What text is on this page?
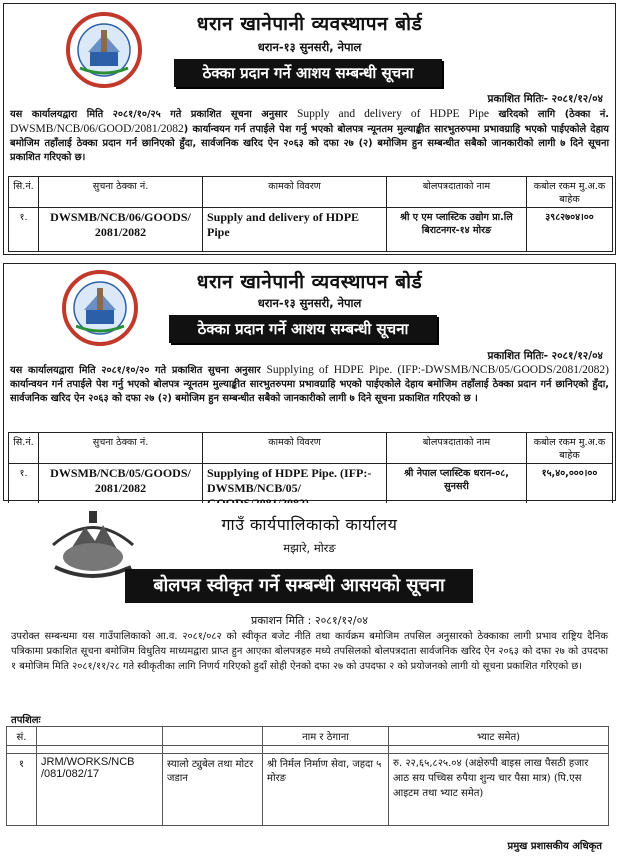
धरान खानेपानी व्यवस्थापन बोर्ड
धरान-१३ सुनसरी, नेपाल
ठेक्का प्रदान गर्ने आशय सम्बन्धी सूचना
प्रकाशित मितिः- २०८१/१२/०४
यस कार्यालयद्वारा मिति २०८१/१०/२५ गते प्रकाशित सूचना अनुसार Supply and delivery of HDPE Pipe खरिदको लागि (ठेक्का नं. DWSMB/NCB/06/GOOD/2081/2082) कार्यान्वयन गर्न तपाईले पेश गर्नु भएको बोलपत्र न्यूनतम मुल्याङ्कीत सारभुतरुपमा प्रभावग्राहि भएको पाईएकोले देहाय बमोजिम तहाँलाई ठेक्का प्रदान गर्न छानिएको हुँदा, सार्वजनिक खरिद ऐन २०६३ को दफा २७ (२) बमोजिम हुन सम्बन्धीत सबैको जानकारीको लागी ७ दिने सूचना प्रकाशित गरिएको छ।
सि.नं.	सुचना ठेक्का नं.	कामको विवरण	बोलपत्रदाताको नाम	कबोल रकम मु.अ.क बाहेक
१.	DWSMB/NCB/06/GOODS/ 2081/2082	Supply and delivery of HDPE Pipe	श्री ए एम प्लास्टिक उद्योग प्रा.लि बिराटनगर-१४ मोरङ	३९८२७०४।००
धरान खानेपानी व्यवस्थापन बोर्ड
धरान-१३ सुनसरी, नेपाल
ठेक्का प्रदान गर्ने आशय सम्बन्धी सूचना
प्रकाशित मितिः- २०८१/१२/०४
यस कार्यालयद्वारा मिति २०८१/१०/२० गते प्रकाशित सुचना अनुसार Supplying of HDPE Pipe. (IFP:-DWSMB/NCB/05/GOODS/2081/2082) कार्यान्वयन गर्न तपाईले पेश गर्नु भएको बोलपत्र न्यूनतम मुल्याङ्कीत सारभुतरुपमा प्रभावग्राहि भएको पाईएकोले देहाय बमोजिम तहाँलाई ठेक्का प्रदान गर्न छानिएको हुँदा, सार्वजनिक खरिद ऐन २०६३ को दफा २७ (२) बमोजिम हुन सम्बन्धीत सबैको जानकारीको लागी ७ दिने सूचना प्रकाशित गरिएको छ ।
सि.नं.	सुचना ठेक्का नं.	कामको विवरण	बोलपत्रदाताको नाम	कबोल रकम मु.अ.क बाहेक
१.	DWSMB/NCB/05/GOODS/ 2081/2082	Supplying of HDPE Pipe. (IFP:-DWSMB/NCB/05/	श्री नेपाल प्लास्टिक धरान-०८, सुनसरी	१५,४०,०००।००
गाउँ कार्यपालिकाको कार्यालय
मझारे, मोरङ
बोलपत्र स्वीकृत गर्ने सम्बन्धी आसयको सूचना
प्रकाशन मिति : २०८१/१२/०४
उपरोक्त सम्बन्धमा यस गाउँपालिकाको आ.व. २०८१/०८२ को स्वीकृत बजेट नीति तथा कार्यक्रम बमोजिम तपसिल अनुसारको ठेक्काका लागी प्रभाव राष्ट्रिय दैनिक पत्रिकामा प्रकाशित सूचना बमोजिम विधुतिय माध्यमद्वारा प्राप्त हुन आएका बोलपत्रहरु मध्ये तपसिलको बोलपत्रदाता सार्वजनिक खरिद ऐन २०६३ को दफा २७ को उपदफा १ बमोजिम मिति २०८१/११/२८ गते स्वीकृतीका लागि निणर्य गरिएको हुदाँ सोही ऐनको दफा २७ को उपदफा २ को प्रयोजनको लागी यो सूचना प्रकाशित गरिएको छ।
तपशिलः
सं.			नाम र ठेगाना	भ्याट समेत)

१	JRM/WORKS/NCB /081/082/17	स्यालो ट्युबेल तथा मोटर जडान	श्री निर्मल निर्माण सेवा, जहदा ५ मोरङ	रु. २२,६५,८२५.०४ (अक्षेरुपी बाइस लाख पैसठी हजार आठ सय पच्चिस रुपैया शुन्य चार पैसा मात्र) (पि.एस आइटम तथा भ्याट समेत)
प्रमुख प्रशासकीय अधिकृत
